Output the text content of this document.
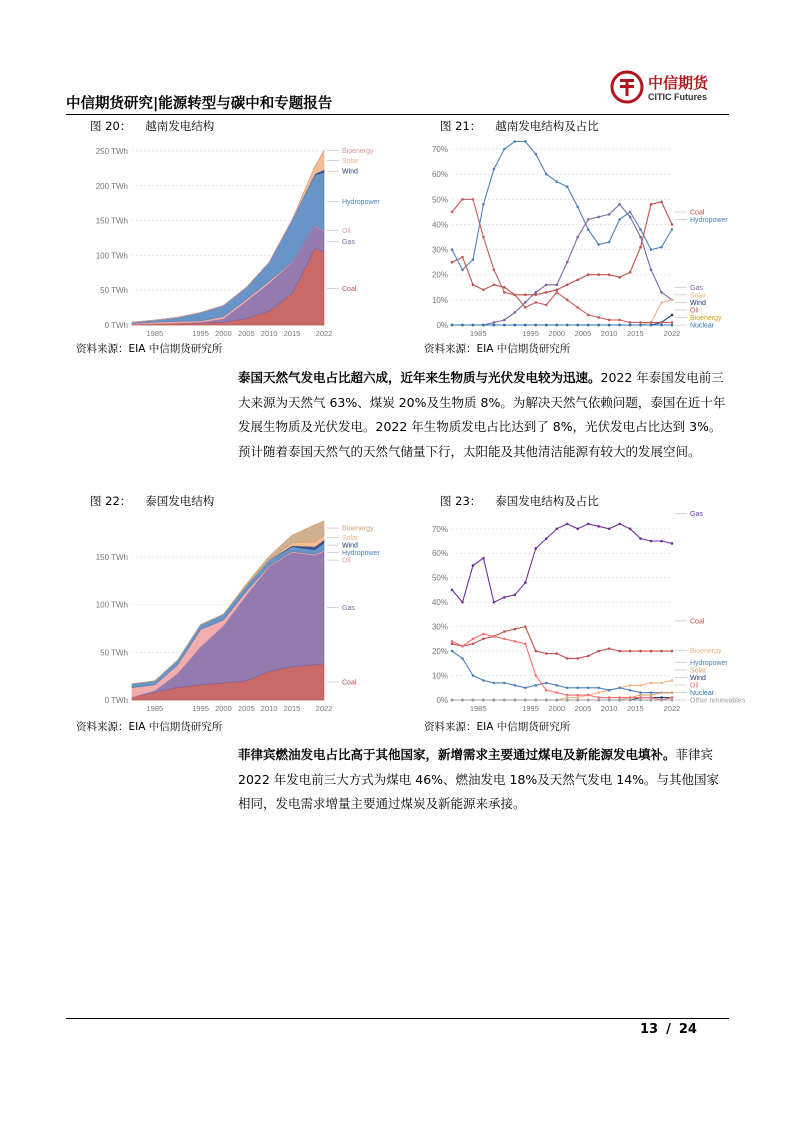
中信期货
CITIC Futures
中信期货研究|能源转型与碳中和专题报告
图 20： 越南发电结构
0 TWh
50 TWh
100 TWh
150 TWh
200 TWh
250 TWh
1985	1995 2000 2005 2010 2015 2022
Bioenergy
Solar
Wind
Hydropower
Oil
Gas
Coal
资料来源：EIA 中信期货研究所
图 21： 越南发电结构及占比
0%
10%
20%
30%
40%
50%
60%
70%
1985	1995 2000 2005 2010 2015	2022
Coal
Hydropower
Gas
Solar
Wind
Oil
Bioenergy
Nuclear
资料来源：EIA 中信期货研究所
泰国天然气发电占比超六成，近年来生物质与光伏发电较为迅速。2022 年泰国发电前三大来源为天然气 63%、煤炭 20%及生物质 8%。为解决天然气依赖问题，泰国在近十年发展生物质及光伏发电。2022 年生物质发电占比达到了 8%，光伏发电占比达到 3%。预计随着泰国天然气的天然气储量下行，太阳能及其他清洁能源有较大的发展空间。
图 22： 泰国发电结构
0 TWh
50 TWh
100 TWh
150 TWh
1985	1995 2000 2005 2010 2015 2022
Bioenergy
Solar
Wind
Hydropower
Oil
Gas
Coal
资料来源：EIA 中信期货研究所
图 23： 泰国发电结构及占比
0%
10%
20%
30%
40%
50%
60%
70%
1985	1995 2000 2005 2010 2015	2022
Gas
Coal
Bioenergy
Hydropower
Solar
Wind
Oil
Nuclear
Other renewables
资料来源：EIA 中信期货研究所
菲律宾燃油发电占比高于其他国家，新增需求主要通过煤电及新能源发电填补。菲律宾 2022 年发电前三大方式为煤电 46%、燃油发电 18%及天然气发电 14%。与其他国家相同，发电需求增量主要通过煤炭及新能源来承接。
13 / 24
